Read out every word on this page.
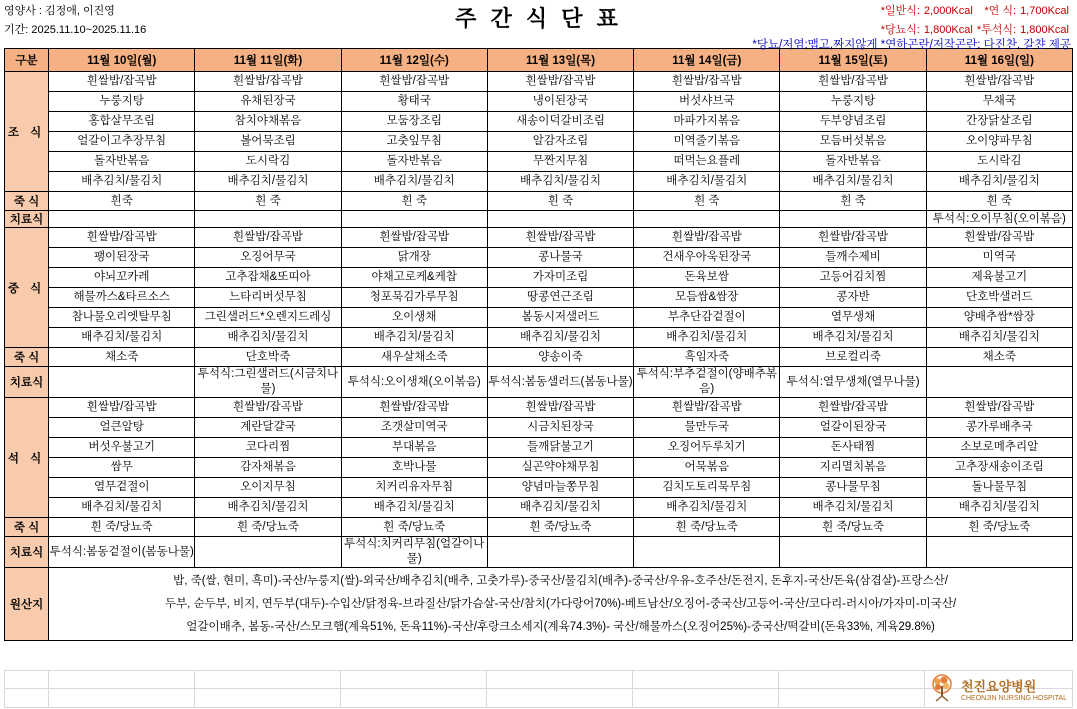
영양사 : 김정애, 이진영
기간: 2025.11.10~2025.11.16	주 간 식 단 표	*일반식:	2,000Kcal	*연 식:	1,700Kcal
*당뇨식:	1,800Kcal	*투석식:	1,800Kcal
*당뇨/저염:맵고,짜지않게 *연하곤란/저작곤란: 다진찬, 갈챤 제공
구분	11월 10일(월)	11월 11일(화)	11월 12일(수)	11월 13일(목)	11월 14일(금)	11월 15일(토)	11월 16일(일)
조 식	흰쌀밥/잡곡밥	흰쌀밥/잡곡밥	흰쌀밥/잡곡밥	흰쌀밥/잡곡밥	흰쌀밥/잡곡밥	흰쌀밥/잡곡밥	흰쌀밥/잡곡밥
	누룽지탕	유채된장국	황태국	냉이된장국	버섯샤브국	누룽지탕	무채국
	홍합살무조림	참치야채볶음	모둠장조림	새송이덕갈비조림	마파가지볶음	두부양념조림	간장닭살조림
	얼갈이고추장무침	볼어묵조림	고춧잎무침	알감자조림	미역줄기볶음	모듬버섯볶음	오이양파무침
	돌자반볶음	도시락김	돌자반볶음	무짠지무침	떠먹는요플레	돌자반볶음	도시락김
	배추김치/물김치	배추김치/물김치	배추김치/물김치	배추김치/물김치	배추김치/물김치	배추김치/물김치	배추김치/물김치
죽 식	흰죽	흰 죽	흰 죽	흰 죽	흰 죽	흰 죽	흰 죽
치료식							투석식:오이무침(오이볶음)
중 식	흰쌀밥/잡곡밥	흰쌀밥/잡곡밥	흰쌀밥/잡곡밥	흰쌀밥/잡곡밥	흰쌀밥/잡곡밥	흰쌀밥/잡곡밥	흰쌀밥/잡곡밥
	팽이된장국	오징어무국	닭개장	콩나물국	건새우아욱된장국	들깨수제비	미역국
	야뇌꼬카레	고추잡채&또띠아	야채고로케&케찹	가자미조림	돈육보쌈	고등어김치찜	제육불고기
	해물까스&타르소스	느타리버섯무침	청포묵김가루무침	땅콩연근조림	모듬쌈&쌈장	콩자반	단호박샐러드
	참나물오리엣탈무침	그린샐러드*오렌지드레싱	오이생채	봄동시저샐러드	부추단감겉절이	열무생채	양배추쌈*쌈장
	배추김치/물김치	배추김치/물김치	배추김치/물김치	배추김치/물김치	배추김치/물김치	배추김치/물김치	배추김치/물김치
죽 식	채소죽	단호박죽	새우살채소죽	양송이죽	흑임자죽	브로컬리죽	채소죽
치료식		투석식:그린샐러드(시금치나물)	투석식:오이생채(오이볶음)	투석식:봄동샐러드(봄동나물)	투석식:부추겉절이(양배추볶음)	투석식:열무생채(열무나물)	
석 식	흰쌀밥/잡곡밥	흰쌀밥/잡곡밥	흰쌀밥/잡곡밥	흰쌀밥/잡곡밥	흰쌀밥/잡곡밥	흰쌀밥/잡곡밥	흰쌀밥/잡곡밥
	얼큰알탕	계란달걀국	조갯살미역국	시금치된장국	물만두국	얼갈이된장국	콩가루배추국
	버섯우불고기	코다리찜	부대볶음	들깨닭불고기	오징어두루치기	돈사태찜	소보로메추리알
	쌈무	감자채볶음	호박나물	실곤약야채무침	어묵볶음	지리멸치볶음	고추장새송이조림
	열무겉절이	오이지무침	치커리유자무침	양념마늘쫑무침	김치도토리묵무침	콩나물무침	돌나물무침
	배추김치/물김치	배추김치/물김치	배추김치/물김치	배추김치/물김치	배추김치/물김치	배추김치/물김치	배추김치/물김치
죽 식	흰 죽/당뇨죽	흰 죽/당뇨죽	흰 죽/당뇨죽	흰 죽/당뇨죽	흰 죽/당뇨죽	흰 죽/당뇨죽	흰 죽/당뇨죽
치료식	투석식:봄동겉절이(봄동나물)		투석식:치커리무침(얼갈이나물)				
원산지	밥, 죽(쌀, 현미, 흑미)-국산/누룽지(쌀)-외국산/배추김치(배추, 고춧가루)-중국산/물김치(배추)-중국산/우유-호주산/돈전지, 돈후지-국산/돈육(삼겹살)-프랑스산/
두부, 순두부, 비지, 연두부(대두)-수입산/닭정육-브라질산/닭가슴살-국산/참치(가다랑어70%)-베트남산/오징어-중국산/고등어-국산/코다리-러시아/가자미-미국산/
얼갈이배추, 봄동-국산/스모크햄(계육51%, 돈육11%)-국산/후랑크소세지(계육74.3%)- 국산/해물까스(오징어25%)-중국산/떡갈비(돈육33%, 계육29.8%)						
천진요양병원
CHEONJIN NURSING HOSPITAL
